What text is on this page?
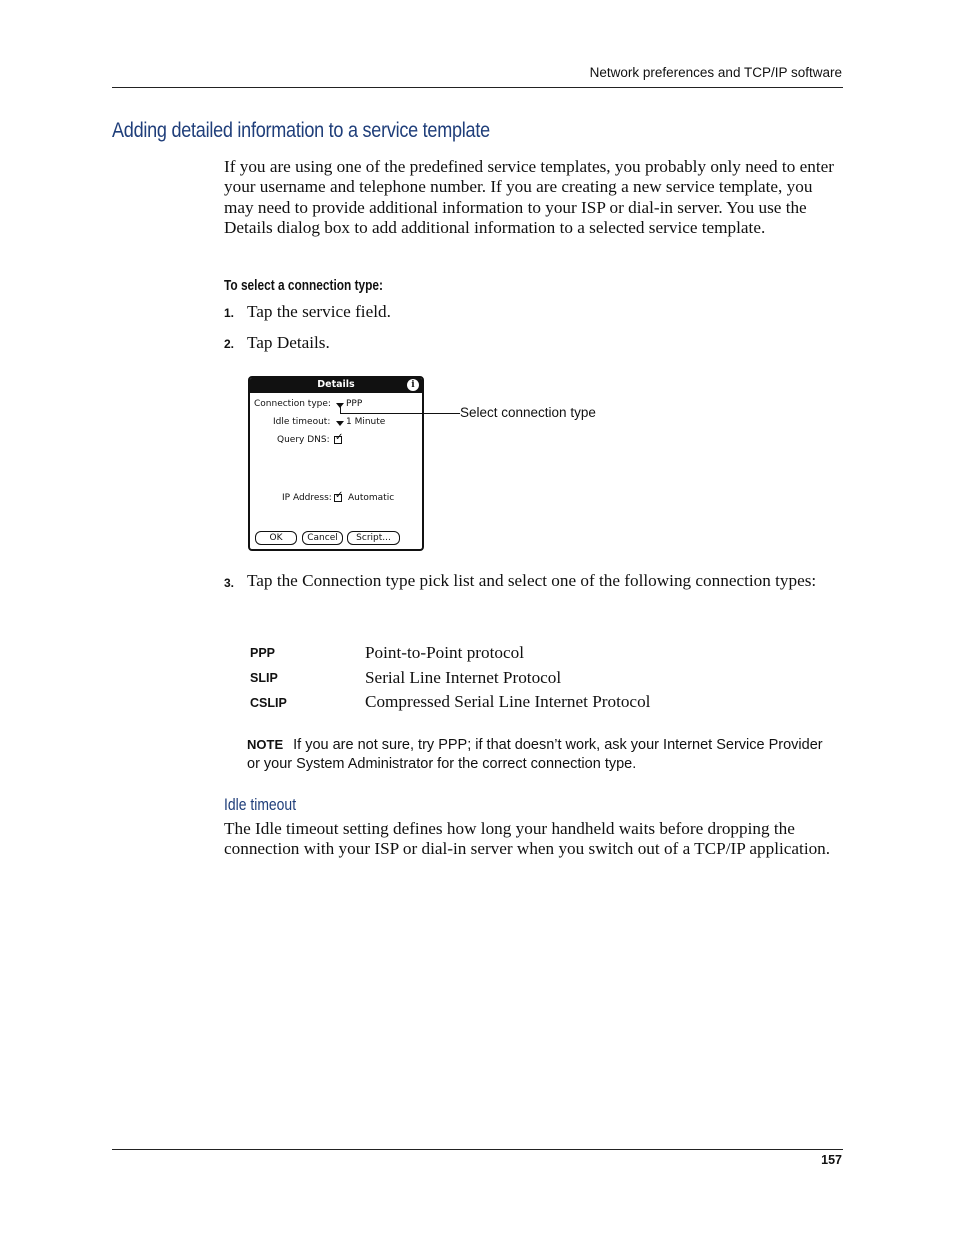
Network preferences and TCP/IP software
Adding detailed information to a service template
If you are using one of the predefined service templates, you probably only need to enter your username and telephone number. If you are creating a new service template, you may need to provide additional information to your ISP or dial-in server. You use the Details dialog box to add additional information to a selected service template.
To select a connection type:
1. Tap the service field.
2. Tap Details.
Details	i
Connection type: PPP
Idle timeout: 1 Minute
Query DNS: ✓
IP Address: ✓ Automatic
OK	Cancel	Script...
Select connection type
3. Tap the Connection type pick list and select one of the following connection types:
PPP	Point-to-Point protocol
SLIP	Serial Line Internet Protocol
CSLIP	Compressed Serial Line Internet Protocol
NOTE If you are not sure, try PPP; if that doesn’t work, ask your Internet Service Provider or your System Administrator for the correct connection type.
Idle timeout
The Idle timeout setting defines how long your handheld waits before dropping the connection with your ISP or dial-in server when you switch out of a TCP/IP application.
157
